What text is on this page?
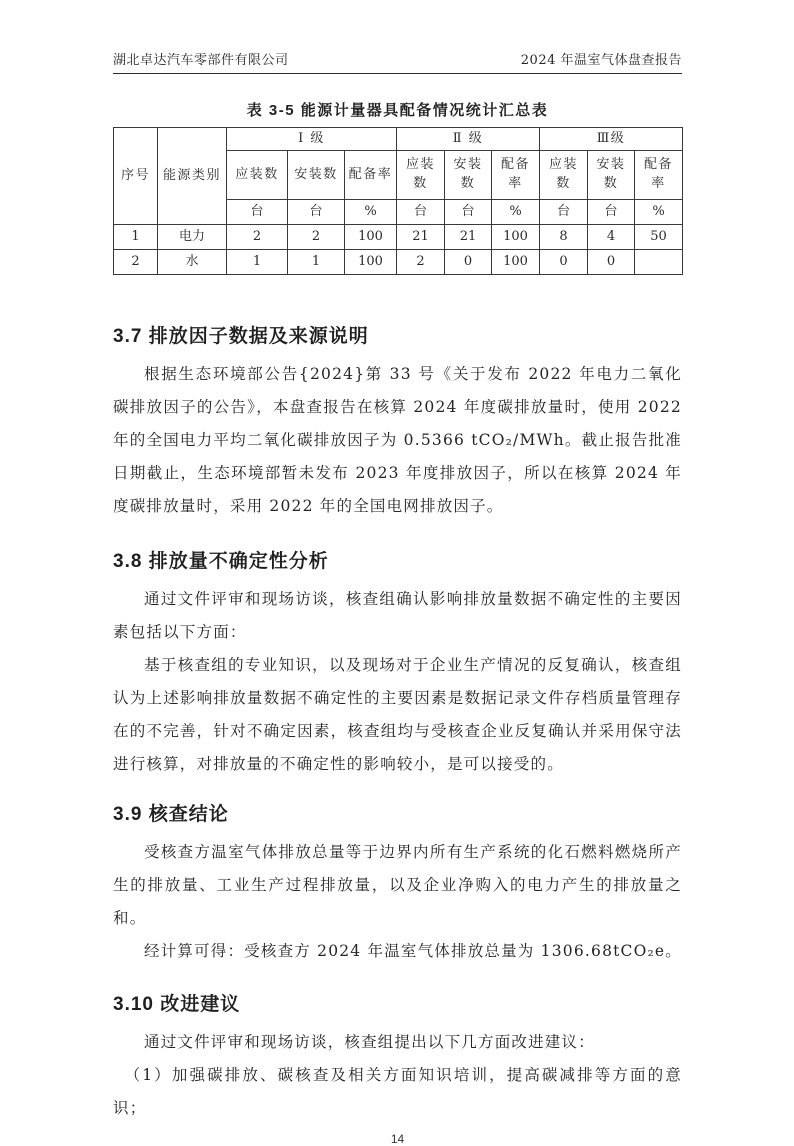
湖北卓达汽车零部件有限公司	2024 年温室气体盘查报告
表 3-5 能源计量器具配备情况统计汇总表
序号	能源类别	Ⅰ 级			Ⅱ 级			Ⅲ级		
		应装数	安装数	配备率	应装数	安装数	配备率	应装数	安装数	配备率
		台	台	%	台	台	%	台	台	%
1	电力	2	2	100	21	21	100	8	4	50
2	水	1	1	100	2	0	100	0	0	
3.7 排放因子数据及来源说明

根据生态环境部公告{2024}第 33 号《关于发布 2022 年电力二氧化碳排放因子的公告》，本盘查报告在核算 2024 年度碳排放量时，使用 2022 年的全国电力平均二氧化碳排放因子为 0.5366 tCO₂/MWh。截止报告批准日期截止，生态环境部暂未发布 2023 年度排放因子，所以在核算 2024 年度碳排放量时，采用 2022 年的全国电网排放因子。

3.8 排放量不确定性分析

通过文件评审和现场访谈，核查组确认影响排放量数据不确定性的主要因素包括以下方面：

基于核查组的专业知识，以及现场对于企业生产情况的反复确认，核查组认为上述影响排放量数据不确定性的主要因素是数据记录文件存档质量管理存在的不完善，针对不确定因素，核查组均与受核查企业反复确认并采用保守法进行核算，对排放量的不确定性的影响较小，是可以接受的。

3.9 核查结论

受核查方温室气体排放总量等于边界内所有生产系统的化石燃料燃烧所产生的排放量、工业生产过程排放量，以及企业净购入的电力产生的排放量之和。

经计算可得：受核查方 2024 年温室气体排放总量为 1306.68tCO₂e。

3.10 改进建议

通过文件评审和现场访谈，核查组提出以下几方面改进建议：

（1）加强碳排放、碳核查及相关方面知识培训，提高碳减排等方面的意识；

14
